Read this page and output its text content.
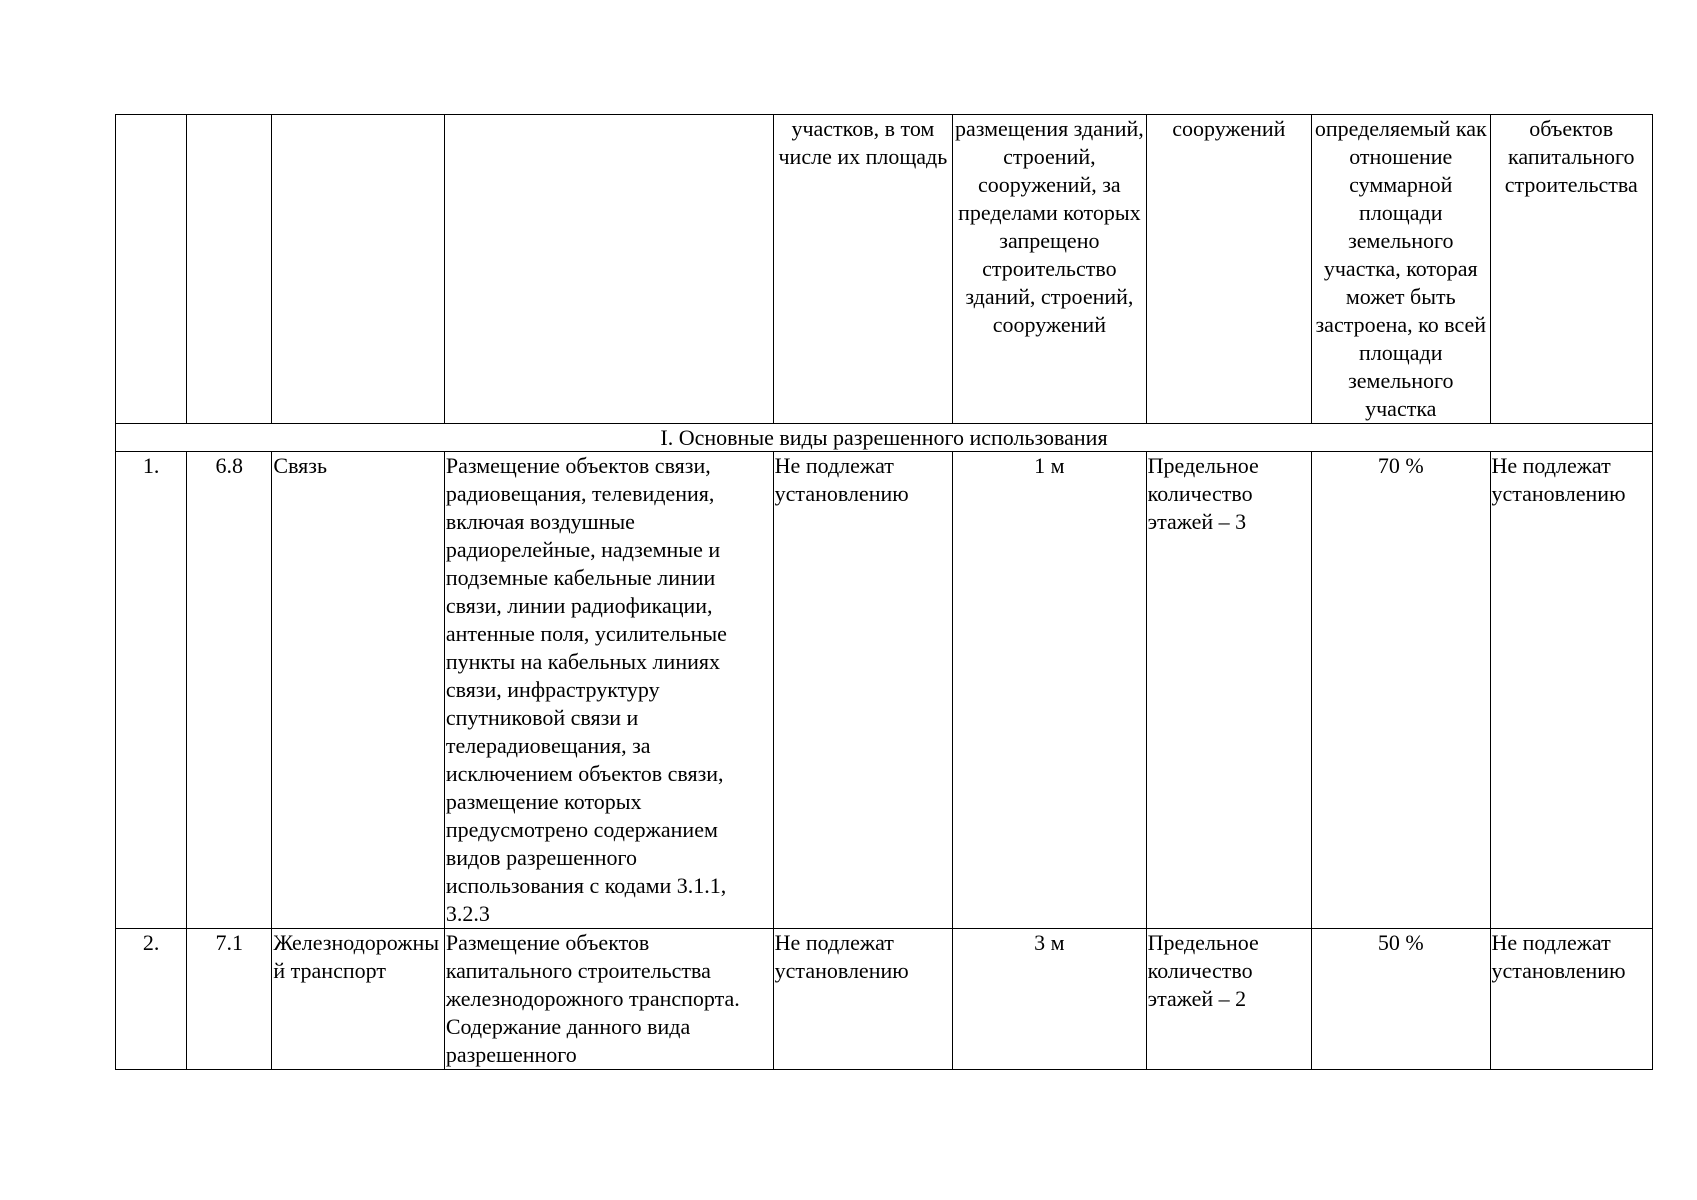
				участков, в том числе их площадь	размещения зданий, строений, сооружений, за пределами которых запрещено строительство зданий, строений, сооружений	сооружений	определяемый как отношение суммарной площади земельного участка, которая может быть застроена, ко всей площади земельного участка	объектов капитального строительства
I. Основные виды разрешенного использования								
1.	6.8	Связь	Размещение объектов связи, радиовещания, телевидения, включая воздушные радиорелейные, надземные и подземные кабельные линии связи, линии радиофикации, антенные поля, усилительные пункты на кабельных линиях связи, инфраструктуру спутниковой связи и телерадиовещания, за исключением объектов связи, размещение которых предусмотрено содержанием видов разрешенного использования с кодами 3.1.1, 3.2.3	Не подлежат установлению	1 м	Предельное количество этажей – 3	70 %	Не подлежат установлению
2.	7.1	Железнодорожный транспорт	Размещение объектов капитального строительства железнодорожного транспорта. Содержание данного вида разрешенного	Не подлежат установлению	3 м	Предельное количество этажей – 2	50 %	Не подлежат установлению
